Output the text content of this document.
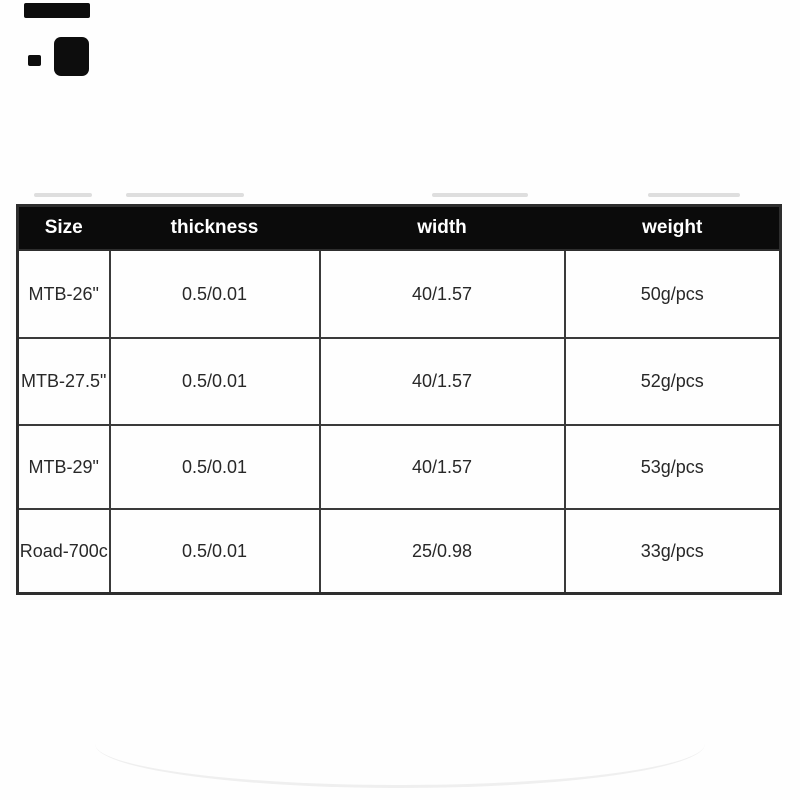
Size	thickness	width	weight
MTB-26"	0.5/0.01	40/1.57	50g/pcs
MTB-27.5"	0.5/0.01	40/1.57	52g/pcs
MTB-29"	0.5/0.01	40/1.57	53g/pcs
Road-700c	0.5/0.01	25/0.98	33g/pcs
